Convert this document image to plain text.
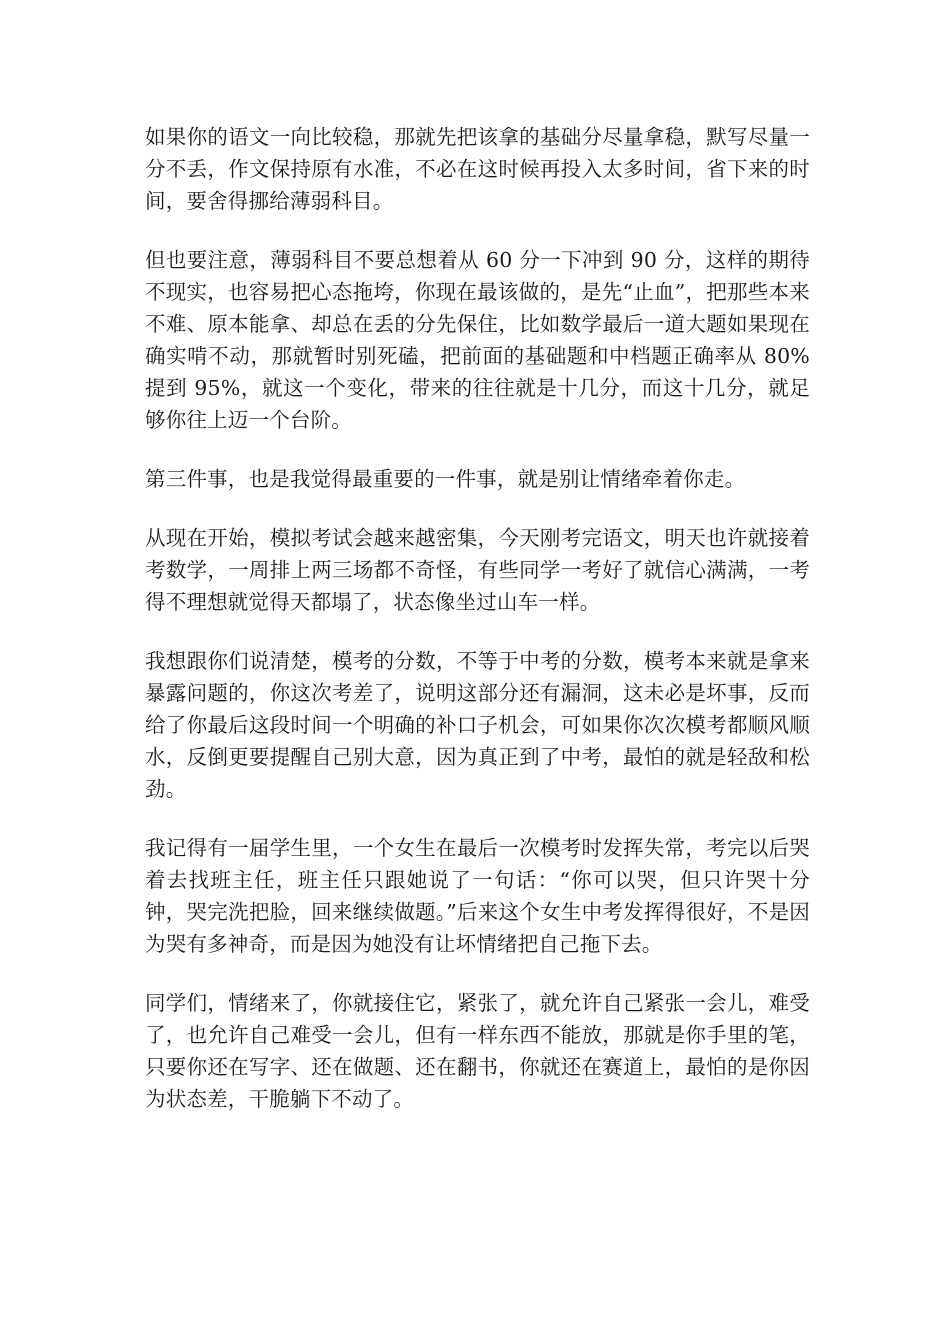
如果你的语文一向比较稳，那就先把该拿的基础分尽量拿稳，默写尽量一分不丢，作文保持原有水准，不必在这时候再投入太多时间，省下来的时间，要舍得挪给薄弱科目。

但也要注意，薄弱科目不要总想着从 60 分一下冲到 90 分，这样的期待不现实，也容易把心态拖垮，你现在最该做的，是先“止血”，把那些本来不难、原本能拿、却总在丢的分先保住，比如数学最后一道大题如果现在确实啃不动，那就暂时别死磕，把前面的基础题和中档题正确率从 80%提到 95%，就这一个变化，带来的往往就是十几分，而这十几分，就足够你往上迈一个台阶。

第三件事，也是我觉得最重要的一件事，就是别让情绪牵着你走。

从现在开始，模拟考试会越来越密集，今天刚考完语文，明天也许就接着考数学，一周排上两三场都不奇怪，有些同学一考好了就信心满满，一考得不理想就觉得天都塌了，状态像坐过山车一样。

我想跟你们说清楚，模考的分数，不等于中考的分数，模考本来就是拿来暴露问题的，你这次考差了，说明这部分还有漏洞，这未必是坏事，反而给了你最后这段时间一个明确的补口子机会，可如果你次次模考都顺风顺水，反倒更要提醒自己别大意，因为真正到了中考，最怕的就是轻敌和松劲。

我记得有一届学生里，一个女生在最后一次模考时发挥失常，考完以后哭着去找班主任，班主任只跟她说了一句话：“你可以哭，但只许哭十分钟，哭完洗把脸，回来继续做题。”后来这个女生中考发挥得很好，不是因为哭有多神奇，而是因为她没有让坏情绪把自己拖下去。

同学们，情绪来了，你就接住它，紧张了，就允许自己紧张一会儿，难受了，也允许自己难受一会儿，但有一样东西不能放，那就是你手里的笔，只要你还在写字、还在做题、还在翻书，你就还在赛道上，最怕的是你因为状态差，干脆躺下不动了。
